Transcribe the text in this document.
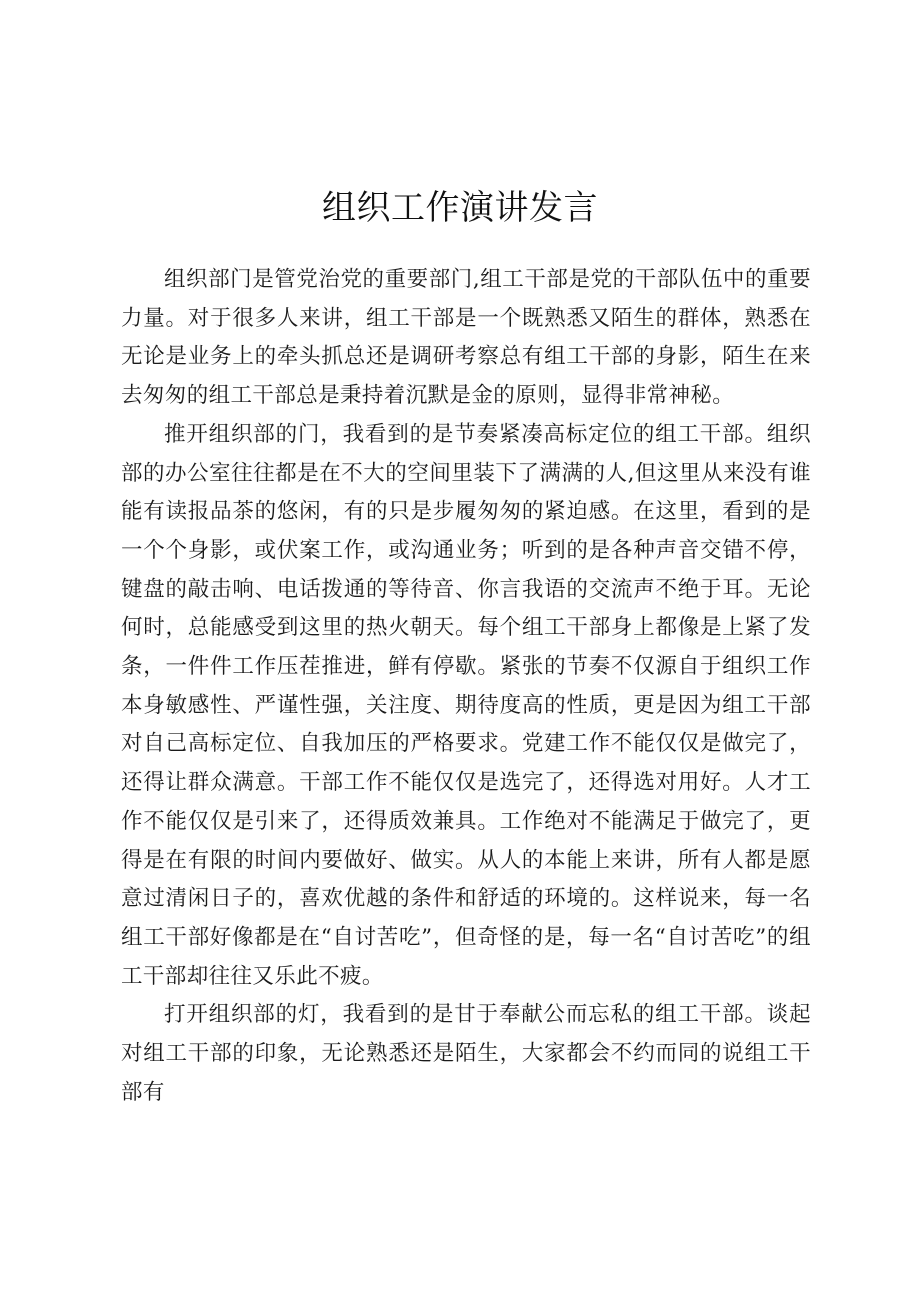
组织工作演讲发言

组织部门是管党治党的重要部门,组工干部是党的干部队伍中的重要力量。对于很多人来讲，组工干部是一个既熟悉又陌生的群体，熟悉在无论是业务上的牵头抓总还是调研考察总有组工干部的身影，陌生在来去匆匆的组工干部总是秉持着沉默是金的原则，显得非常神秘。

推开组织部的门，我看到的是节奏紧凑高标定位的组工干部。组织部的办公室往往都是在不大的空间里装下了满满的人,但这里从来没有谁能有读报品茶的悠闲，有的只是步履匆匆的紧迫感。在这里，看到的是一个个身影，或伏案工作，或沟通业务；听到的是各种声音交错不停，键盘的敲击响、电话拨通的等待音、你言我语的交流声不绝于耳。无论何时，总能感受到这里的热火朝天。每个组工干部身上都像是上紧了发条，一件件工作压茬推进，鲜有停歇。紧张的节奏不仅源自于组织工作本身敏感性、严谨性强，关注度、期待度高的性质，更是因为组工干部对自己高标定位、自我加压的严格要求。党建工作不能仅仅是做完了，还得让群众满意。干部工作不能仅仅是选完了，还得选对用好。人才工作不能仅仅是引来了，还得质效兼具。工作绝对不能满足于做完了，更得是在有限的时间内要做好、做实。从人的本能上来讲，所有人都是愿意过清闲日子的，喜欢优越的条件和舒适的环境的。这样说来，每一名组工干部好像都是在“自讨苦吃”，但奇怪的是，每一名“自讨苦吃”的组工干部却往往又乐此不疲。

打开组织部的灯，我看到的是甘于奉献公而忘私的组工干部。谈起对组工干部的印象，无论熟悉还是陌生，大家都会不约而同的说组工干部有
